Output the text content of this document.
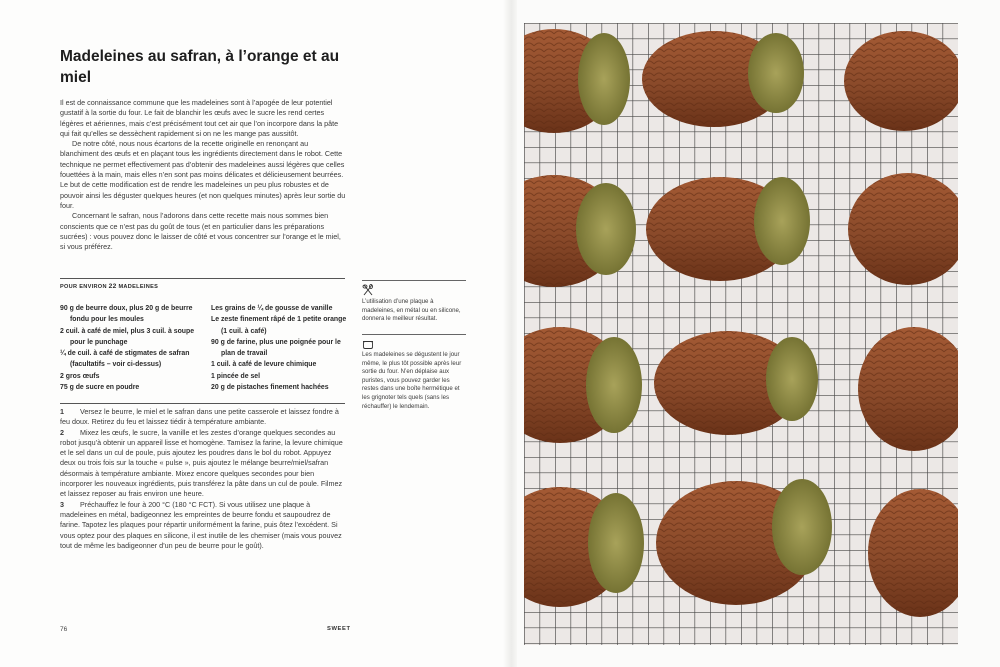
Madeleines au safran, à l’orange et au miel

Il est de connaissance commune que les madeleines sont à l’apogée de leur potentiel gustatif à la sortie du four. Le fait de blanchir les œufs avec le sucre les rend certes légères et aériennes, mais c’est précisément tout cet air que l’on incorpore dans la pâte qui fait qu’elles se dessèchent rapidement si on ne les mange pas aussitôt.

De notre côté, nous nous écartons de la recette originelle en renonçant au blanchiment des œufs et en plaçant tous les ingrédients directement dans le robot. Cette technique ne permet effectivement pas d’obtenir des madeleines aussi légères que celles fouettées à la main, mais elles n’en sont pas moins délicates et délicieusement beurrées. Le but de cette modification est de rendre les madeleines un peu plus robustes et de pouvoir ainsi les déguster quelques heures (et non quelques minutes) après leur sortie du four.

Concernant le safran, nous l’adorons dans cette recette mais nous sommes bien conscients que ce n’est pas du goût de tous (et en particulier dans les préparations sucrées) : vous pouvez donc le laisser de côté et vous concentrer sur l’orange et le miel, si vous préférez.

POUR ENVIRON 22 MADELEINES
90 g de beurre doux, plus 20 g de beurre fondu pour les moules
2 cuil. à café de miel, plus 3 cuil. à soupe pour le punchage
¼ de cuil. à café de stigmates de safran (facultatifs – voir ci-dessus)
2 gros œufs
75 g de sucre en poudre
Les grains de ¼ de gousse de vanille
Le zeste finement râpé de 1 petite orange (1 cuil. à café)
90 g de farine, plus une poignée pour le plan de travail
1 cuil. à café de levure chimique
1 pincée de sel
20 g de pistaches finement hachées
1 Versez le beurre, le miel et le safran dans une petite casserole et laissez fondre à feu doux. Retirez du feu et laissez tiédir à température ambiante.
2 Mixez les œufs, le sucre, la vanille et les zestes d’orange quelques secondes au robot jusqu’à obtenir un appareil lisse et homogène. Tamisez la farine, la levure chimique et le sel dans un cul de poule, puis ajoutez les poudres dans le bol du robot. Appuyez deux ou trois fois sur la touche « pulse », puis ajoutez le mélange beurre/miel/safran désormais à température ambiante. Mixez encore quelques secondes pour bien incorporer les nouveaux ingrédients, puis transférez la pâte dans un cul de poule. Filmez et laissez reposer au frais environ une heure.
3 Préchauffez le four à 200 °C (180 °C FCT). Si vous utilisez une plaque à madeleines en métal, badigeonnez les empreintes de beurre fondu et saupoudrez de farine. Tapotez les plaques pour répartir uniformément la farine, puis ôtez l’excédent. Si vous optez pour des plaques en silicone, il est inutile de les chemiser (mais vous pouvez tout de même les badigeonner d’un peu de beurre pour le goût).
L’utilisation d’une plaque à madeleines, en métal ou en silicone, donnera le meilleur résultat.
Les madeleines se dégustent le jour même, le plus tôt possible après leur sortie du four. N’en déplaise aux puristes, vous pouvez garder les restes dans une boîte hermétique et les grignoter tels quels (sans les réchauffer) le lendemain.
76	SWEET
